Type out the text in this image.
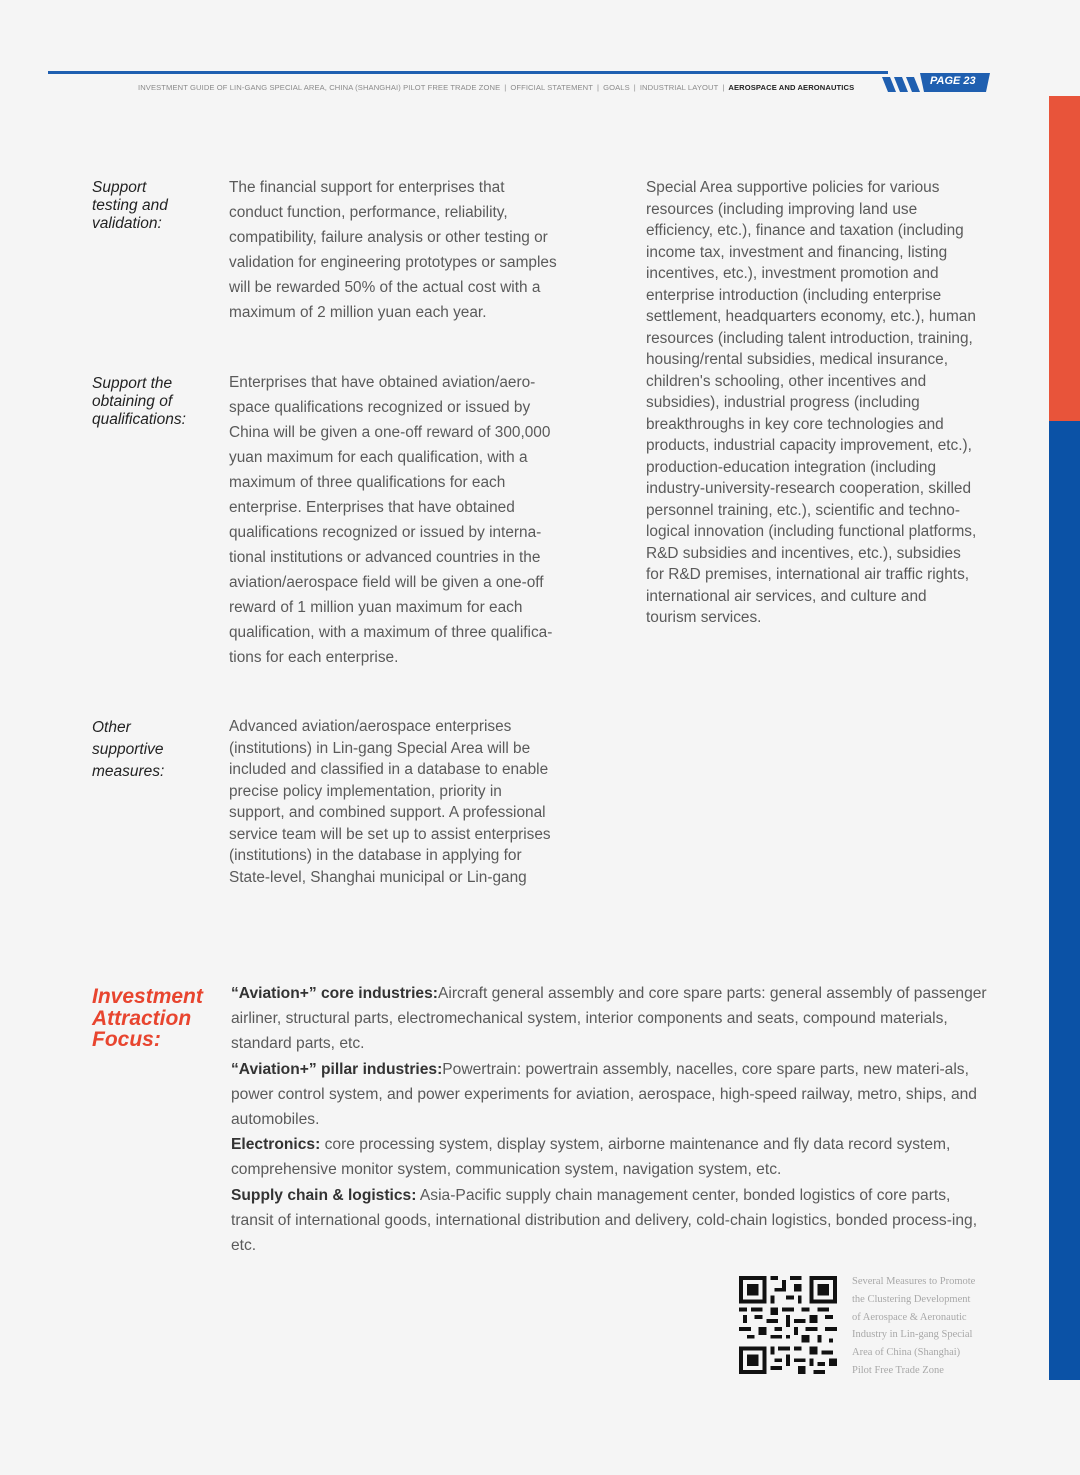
INVESTMENT GUIDE OF LIN-GANG SPECIAL AREA, CHINA (SHANGHAI) PILOT FREE TRADE ZONE | OFFICIAL STATEMENT | GOALS | INDUSTRIAL LAYOUT | AEROSPACE AND AERONAUTICS
PAGE 23
Support
testing and
validation:
The financial support for enterprises that
conduct function, performance, reliability,
compatibility, failure analysis or other testing or
validation for engineering prototypes or samples
will be rewarded 50% of the actual cost with a
maximum of 2 million yuan each year.
Support the
obtaining of
qualifications:
Enterprises that have obtained aviation/aero-
space qualifications recognized or issued by
China will be given a one-off reward of 300,000
yuan maximum for each qualification, with a
maximum of three qualifications for each
enterprise. Enterprises that have obtained
qualifications recognized or issued by interna-
tional institutions or advanced countries in the
aviation/aerospace field will be given a one-off
reward of 1 million yuan maximum for each
qualification, with a maximum of three qualifica-
tions for each enterprise.
Other
supportive
measures:
Advanced aviation/aerospace enterprises
(institutions) in Lin-gang Special Area will be
included and classified in a database to enable
precise policy implementation, priority in
support, and combined support. A professional
service team will be set up to assist enterprises
(institutions) in the database in applying for
State-level, Shanghai municipal or Lin-gang
Special Area supportive policies for various
resources (including improving land use
efficiency, etc.), finance and taxation (including
income tax, investment and financing, listing
incentives, etc.), investment promotion and
enterprise introduction (including enterprise
settlement, headquarters economy, etc.), human
resources (including talent introduction, training,
housing/rental subsidies, medical insurance,
children's schooling, other incentives and
subsidies), industrial progress (including
breakthroughs in key core technologies and
products, industrial capacity improvement, etc.),
production-education integration (including
industry-university-research cooperation, skilled
personnel training, etc.), scientific and techno-
logical innovation (including functional platforms,
R&D subsidies and incentives, etc.), subsidies
for R&D premises, international air traffic rights,
international air services, and culture and
tourism services.
Investment
Attraction
Focus:
“Aviation+” core industries:Aircraft general assembly and core spare parts: general assembly of passenger airliner, structural parts, electromechanical system, interior components and seats, compound materials, standard parts, etc.
“Aviation+” pillar industries:Powertrain: powertrain assembly, nacelles, core spare parts, new materi-als, power control system, and power experiments for aviation, aerospace, high-speed railway, metro, ships, and automobiles.
Electronics: core processing system, display system, airborne maintenance and fly data record system, comprehensive monitor system, communication system, navigation system, etc.
Supply chain & logistics: Asia-Pacific supply chain management center, bonded logistics of core parts, transit of international goods, international distribution and delivery, cold-chain logistics, bonded process-ing, etc.
Several Measures to Promote
the Clustering Development
of Aerospace & Aeronautic
Industry in Lin-gang Special
Area of China (Shanghai)
Pilot Free Trade Zone
